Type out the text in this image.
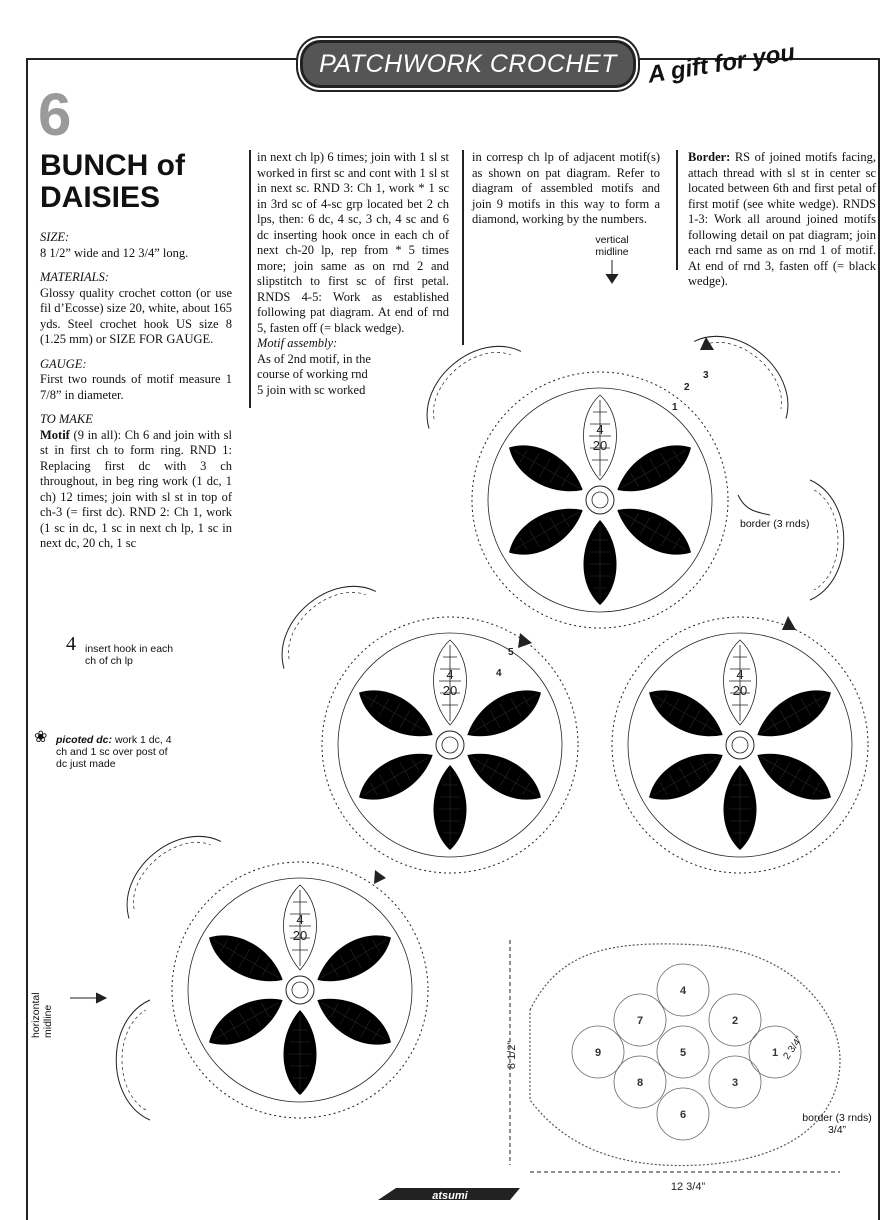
PATCHWORK CROCHET A gift for you
6
BUNCH of
DAISIES

SIZE:
8 1/2” wide and 12 3/4” long.

MATERIALS:
Glossy quality crochet cotton (or use fil d’Ecosse) size 20, white, about 165 yds. Steel crochet hook US size 8 (1.25 mm) or SIZE FOR GAUGE.

GAUGE:
First two rounds of motif measure 1 7/8” in diameter.

TO MAKE
Motif (9 in all): Ch 6 and join with sl st in first ch to form ring. RND 1: Replacing first dc with 3 ch throughout, in beg ring work (1 dc, 1 ch) 12 times; join with sl st in top of ch-3 (= first dc). RND 2: Ch 1, work (1 sc in dc, 1 sc in next ch lp, 1 sc in next dc, 20 ch, 1 sc

in next ch lp) 6 times; join with 1 sl st worked in first sc and cont with 1 sl st in next sc. RND 3: Ch 1, work * 1 sc in 3rd sc of 4-sc grp located bet 2 ch lps, then: 6 dc, 4 sc, 3 ch, 4 sc and 6 dc inserting hook once in each ch of next ch-20 lp, rep from * 5 times more; join same as on rnd 2 and slipstitch to first sc of first petal. RNDS 4-5: Work as established following pat diagram. At end of rnd 5, fasten off (= black wedge).

Motif assembly:
As of 2nd motif, in the course of working rnd 5 join with sc worked

in corresp ch lp of adjacent motif(s) as shown on pat diagram. Refer to diagram of assembled motifs and join 9 motifs in this way to form a diamond, working by the numbers.
Border: RS of joined motifs facing, attach thread with sl st in center sc located between 6th and first petal of first motif (see white wedge). RNDS 1-3: Work all around joined motifs following detail on pat diagram; join each rnd same as on rnd 1 of motif. At end of rnd 3, fasten off (= black wedge).
4 insert hook in each ch of ch lp
❀ picoted dc: work 1 dc, 4 ch and 1 sc over post of dc just made
vertical midline
border (3 rnds)
horizontal midline
4
20
4
20
4
20
4
20
1
2
3
4
5
4
7	2
9	5	1
8	3
6
8 1/2”
12 3/4”
2 3/4”
atsumi
border (3 rnds) 3/4”
